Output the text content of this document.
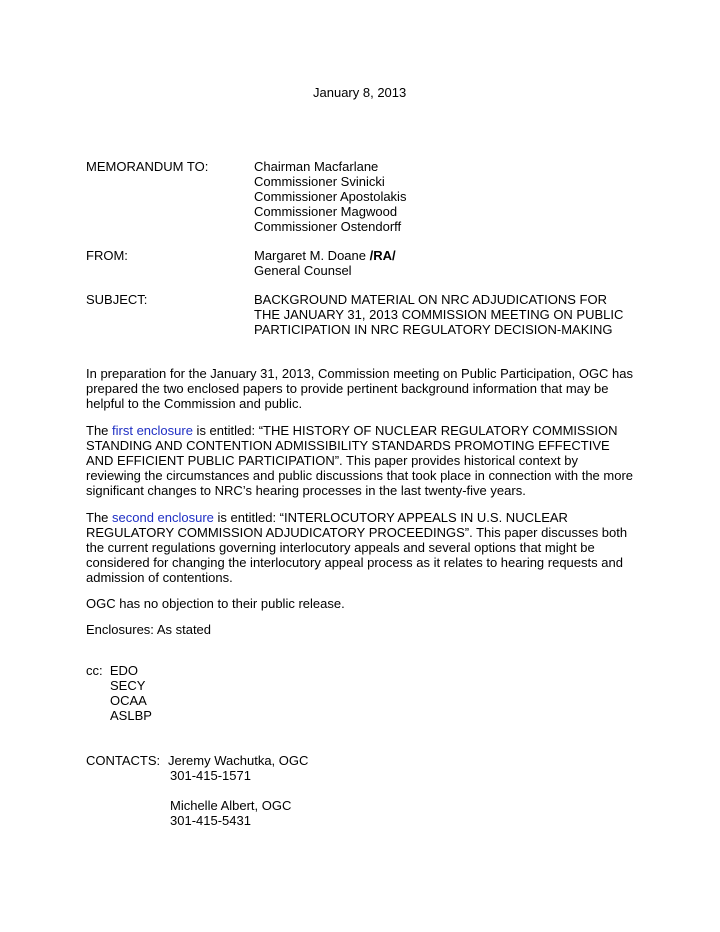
January 8, 2013
MEMORANDUM TO:	Chairman Macfarlane
Commissioner Svinicki
Commissioner Apostolakis
Commissioner Magwood
Commissioner Ostendorff
FROM:	Margaret M. Doane /RA/
General Counsel
SUBJECT:	BACKGROUND MATERIAL ON NRC ADJUDICATIONS FOR
THE JANUARY 31, 2013 COMMISSION MEETING ON PUBLIC
PARTICIPATION IN NRC REGULATORY DECISION-MAKING
In preparation for the January 31, 2013, Commission meeting on Public Participation, OGC has
prepared the two enclosed papers to provide pertinent background information that may be
helpful to the Commission and public.
The first enclosure is entitled: “THE HISTORY OF NUCLEAR REGULATORY COMMISSION
STANDING AND CONTENTION ADMISSIBILITY STANDARDS PROMOTING EFFECTIVE
AND EFFICIENT PUBLIC PARTICIPATION”. This paper provides historical context by
reviewing the circumstances and public discussions that took place in connection with the more
significant changes to NRC’s hearing processes in the last twenty-five years.
The second enclosure is entitled: “INTERLOCUTORY APPEALS IN U.S. NUCLEAR
REGULATORY COMMISSION ADJUDICATORY PROCEEDINGS”. This paper discusses both
the current regulations governing interlocutory appeals and several options that might be
considered for changing the interlocutory appeal process as it relates to hearing requests and
admission of contentions.
OGC has no objection to their public release.
Enclosures: As stated
cc: EDO
SECY
OCAA
ASLBP
CONTACTS: Jeremy Wachutka, OGC
301-415-1571
Michelle Albert, OGC
301-415-5431
